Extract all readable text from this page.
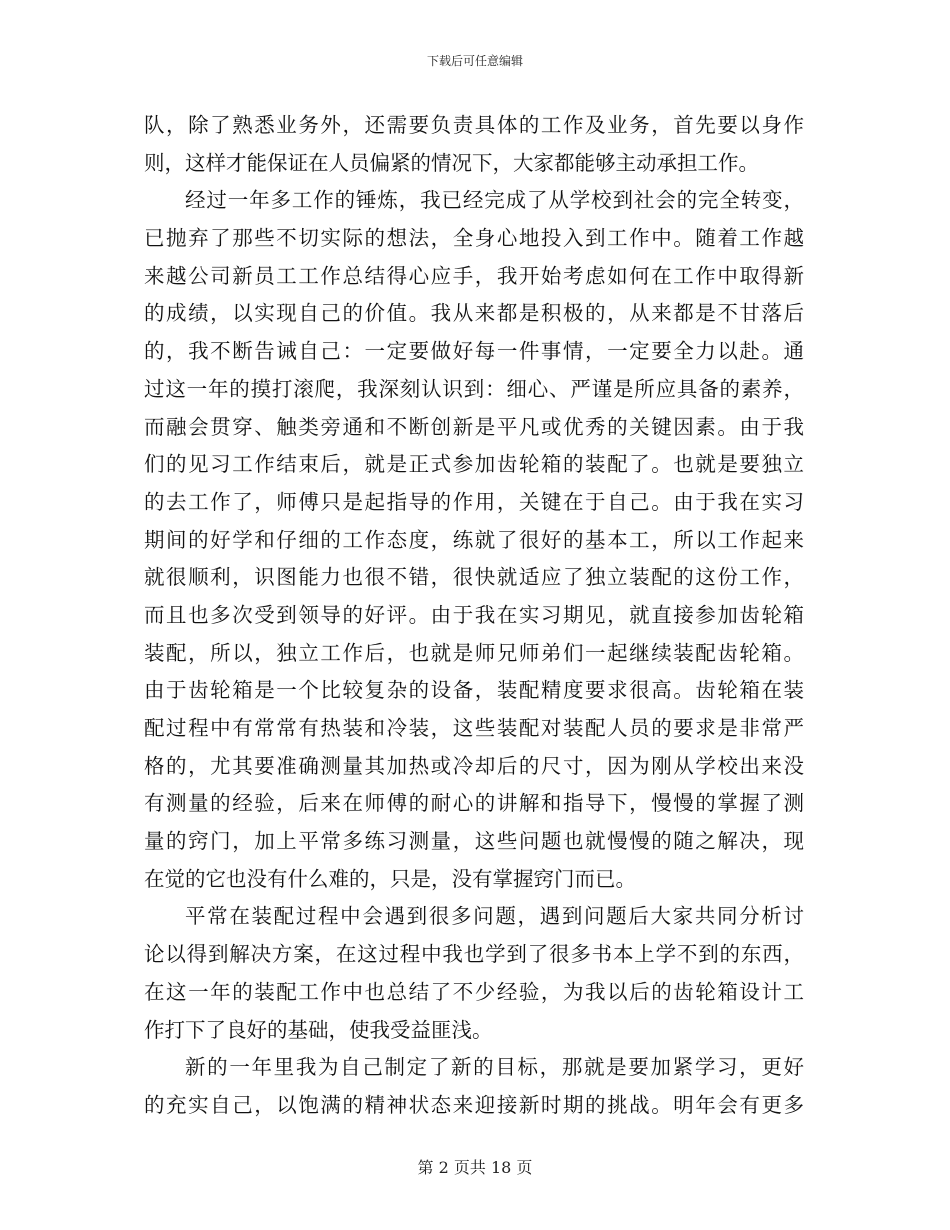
下载后可任意编辑
队，除了熟悉业务外，还需要负责具体的工作及业务，首先要以身作
则，这样才能保证在人员偏紧的情况下，大家都能够主动承担工作。
经过一年多工作的锤炼，我已经完成了从学校到社会的完全转变，
已抛弃了那些不切实际的想法，全身心地投入到工作中。随着工作越
来越公司新员工工作总结得心应手，我开始考虑如何在工作中取得新
的成绩，以实现自己的价值。我从来都是积极的，从来都是不甘落后
的，我不断告诫自己：一定要做好每一件事情，一定要全力以赴。通
过这一年的摸打滚爬，我深刻认识到：细心、严谨是所应具备的素养，
而融会贯穿、触类旁通和不断创新是平凡或优秀的关键因素。由于我
们的见习工作结束后，就是正式参加齿轮箱的装配了。也就是要独立
的去工作了，师傅只是起指导的作用，关键在于自己。由于我在实习
期间的好学和仔细的工作态度，练就了很好的基本工，所以工作起来
就很顺利，识图能力也很不错，很快就适应了独立装配的这份工作，
而且也多次受到领导的好评。由于我在实习期见，就直接参加齿轮箱
装配，所以，独立工作后，也就是师兄师弟们一起继续装配齿轮箱。
由于齿轮箱是一个比较复杂的设备，装配精度要求很高。齿轮箱在装
配过程中有常常有热装和冷装，这些装配对装配人员的要求是非常严
格的，尤其要准确测量其加热或冷却后的尺寸，因为刚从学校出来没
有测量的经验，后来在师傅的耐心的讲解和指导下，慢慢的掌握了测
量的窍门，加上平常多练习测量，这些问题也就慢慢的随之解决，现
在觉的它也没有什么难的，只是，没有掌握窍门而已。
平常在装配过程中会遇到很多问题，遇到问题后大家共同分析讨
论以得到解决方案，在这过程中我也学到了很多书本上学不到的东西，
在这一年的装配工作中也总结了不少经验，为我以后的齿轮箱设计工
作打下了良好的基础，使我受益匪浅。
新的一年里我为自己制定了新的目标，那就是要加紧学习，更好
的充实自己，以饱满的精神状态来迎接新时期的挑战。明年会有更多
第 2 页共 18 页
